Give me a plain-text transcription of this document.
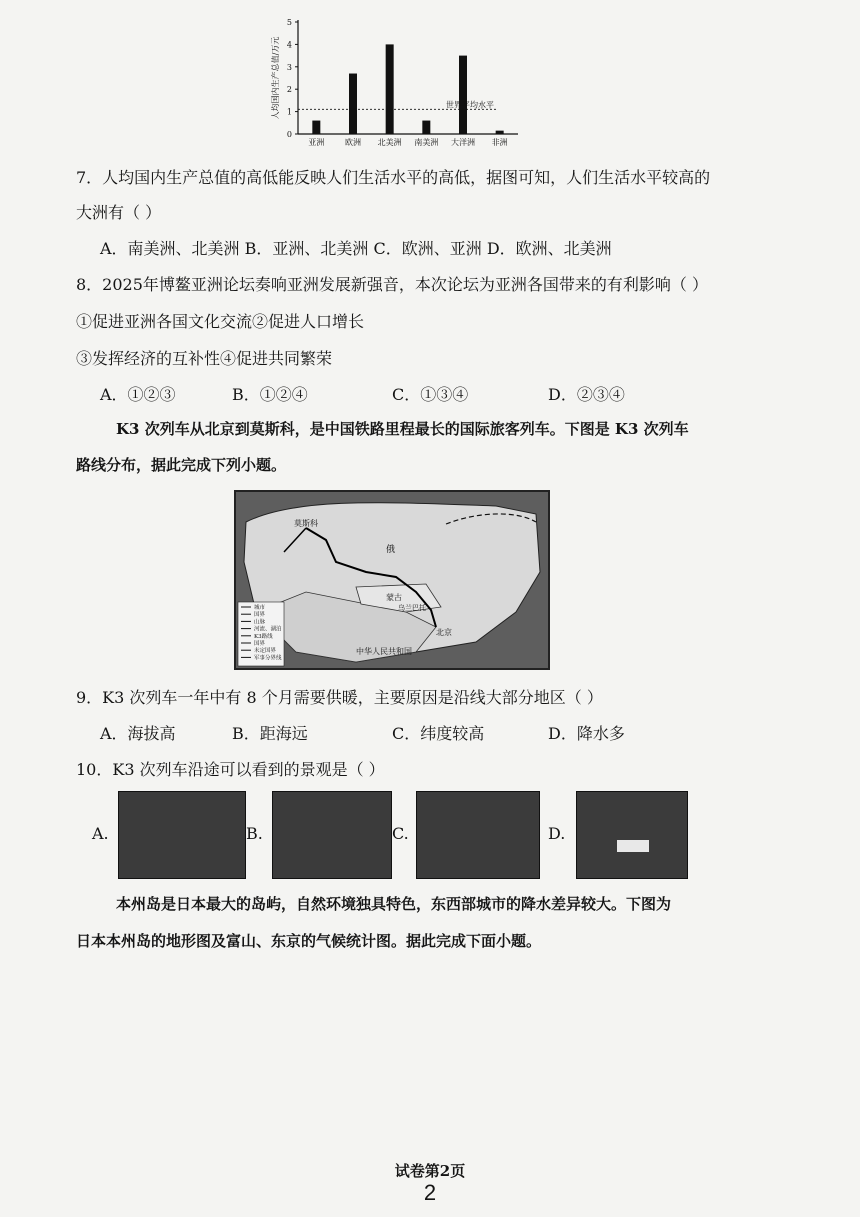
0
1
2
3
4
5
人均国内生产总值/万元
亚洲	欧洲 北美洲 南美洲 大洋洲 非洲
世界平均水平
7．人均国内生产总值的高低能反映人们生活水平的高低，据图可知，人们生活水平较高的
大洲有（ ）
A．南美洲、北美洲 B．亚洲、北美洲 C．欧洲、亚洲 D．欧洲、北美洲
8．2025年博鳌亚洲论坛奏响亚洲发展新强音，本次论坛为亚洲各国带来的有利影响（ ）
①促进亚洲各国文化交流②促进人口增长
③发挥经济的互补性④促进共同繁荣
A．①②③	B．①②④	C．①③④	D．②③④
K3 次列车从北京到莫斯科，是中国铁路里程最长的国际旅客列车。下图是 K3 次列车
路线分布，据此完成下列小题。
城市
国界
山脉
河流、湖泊
K3路线
国界
未定国界
军事分界线
莫斯科
俄
蒙古
乌兰巴托
北京
中华人民共和国
9．K3 次列车一年中有 8 个月需要供暖，主要原因是沿线大部分地区（ ）
A．海拔高	B．距海远	C．纬度较高	D．降水多
10．K3 次列车沿途可以看到的景观是（ ）
A.	B.	C.	D.
本州岛是日本最大的岛屿，自然环境独具特色，东西部城市的降水差异较大。下图为
日本本州岛的地形图及富山、东京的气候统计图。据此完成下面小题。
试卷第2页
2
